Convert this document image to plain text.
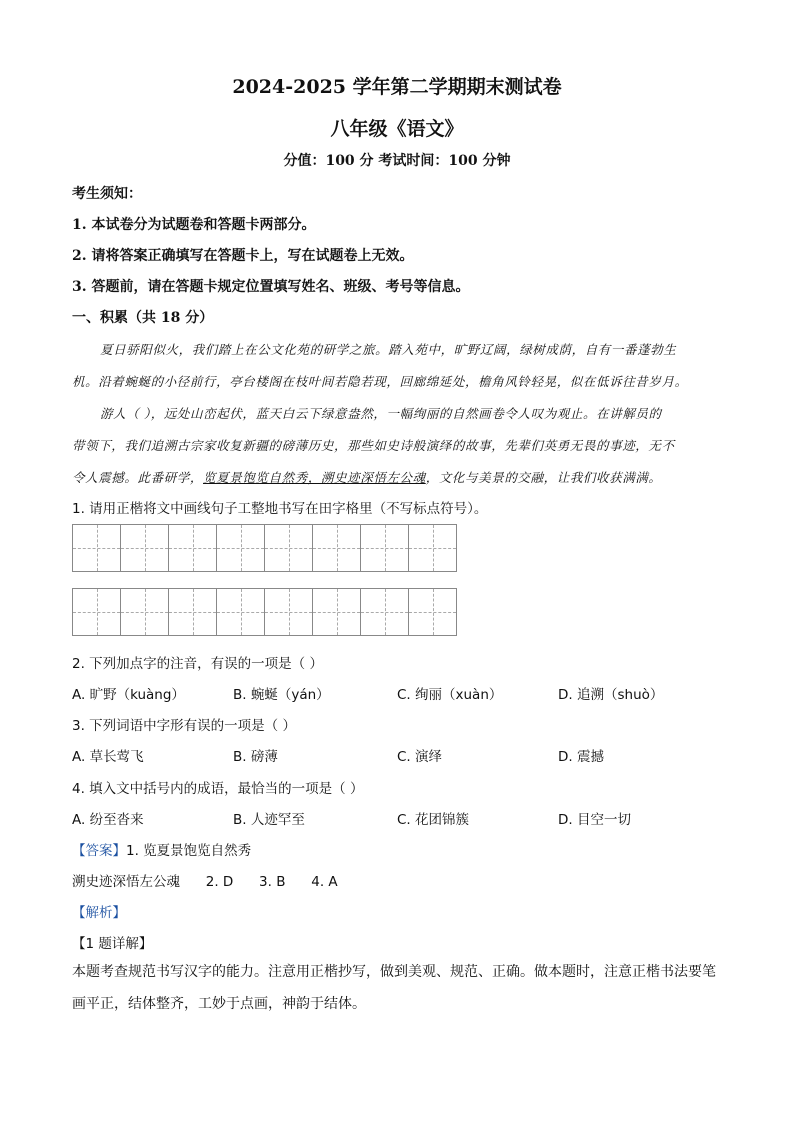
2024-2025 学年第二学期期末测试卷
八年级《语文》
分值：100 分 考试时间：100 分钟
考生须知：
1. 本试卷分为试题卷和答题卡两部分。
2. 请将答案正确填写在答题卡上，写在试题卷上无效。
3. 答题前，请在答题卡规定位置填写姓名、班级、考号等信息。
一、积累（共 18 分）
夏日骄阳似火，我们踏上在公文化苑的研学之旅。踏入苑中，旷野辽阔，绿树成荫，自有一番蓬勃生
机。沿着蜿蜒的小径前行，亭台楼阁在枝叶间若隐若现，回廊绵延处，檐角风铃轻晃，似在低诉往昔岁月。
游人（ ），远处山峦起伏，蓝天白云下绿意盎然，一幅绚丽的自然画卷令人叹为观止。在讲解员的
带领下，我们追溯古宗家收复新疆的磅薄历史，那些如史诗般演绎的故事，先辈们英勇无畏的事迹，无不
令人震撼。此番研学，览夏景饱览自然秀，溯史迹深悟左公魂，文化与美景的交融，让我们收获满满。
1. 请用正楷将文中画线句子工整地书写在田字格里（不写标点符号）。
2. 下列加点字的注音，有误的一项是（ ）
A. 旷野（kuàng）	B. 蜿蜒（yán）	C. 绚丽（xuàn）	D. 追溯（shuò）
3. 下列词语中字形有误的一项是（ ）
A. 草长莺飞	B. 磅薄	C. 演绎	D. 震撼
4. 填入文中括号内的成语，最恰当的一项是（ ）
A. 纷至沓来	B. 人迹罕至	C. 花团锦簇	D. 目空一切
【答案】1. 览夏景饱览自然秀
溯史迹深悟左公魂      2. D      3. B      4. A
【解析】
【1 题详解】
本题考查规范书写汉字的能力。注意用正楷抄写，做到美观、规范、正确。做本题时，注意正楷书法要笔画平正，结体整齐，工妙于点画，神韵于结体。
